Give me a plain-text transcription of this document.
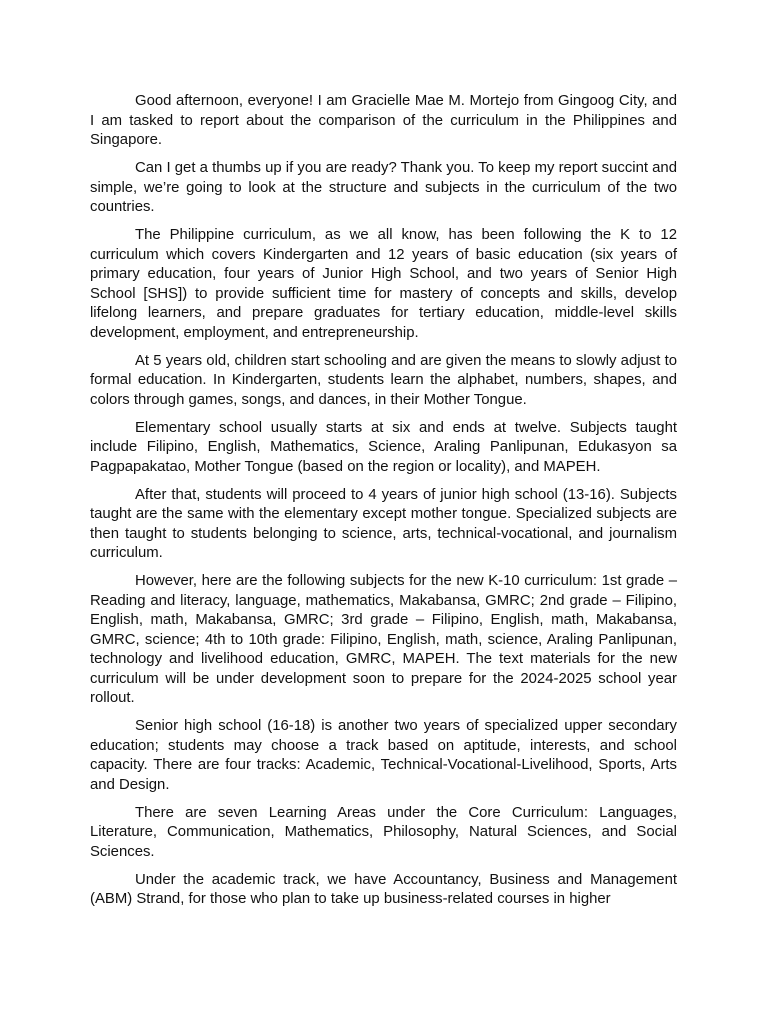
Good afternoon, everyone! I am Gracielle Mae M. Mortejo from Gingoog City, and I am tasked to report about the comparison of the curriculum in the Philippines and Singapore.

Can I get a thumbs up if you are ready? Thank you. To keep my report succint and simple, we’re going to look at the structure and subjects in the curriculum of the two countries.

The Philippine curriculum, as we all know, has been following the K to 12 curriculum which covers Kindergarten and 12 years of basic education (six years of primary education, four years of Junior High School, and two years of Senior High School [SHS]) to provide sufficient time for mastery of concepts and skills, develop lifelong learners, and prepare graduates for tertiary education, middle-level skills development, employment, and entrepreneurship.

At 5 years old, children start schooling and are given the means to slowly adjust to formal education. In Kindergarten, students learn the alphabet, numbers, shapes, and colors through games, songs, and dances, in their Mother Tongue.

Elementary school usually starts at six and ends at twelve. Subjects taught include Filipino, English, Mathematics, Science, Araling Panlipunan, Edukasyon sa Pagpapakatao, Mother Tongue (based on the region or locality), and MAPEH.

After that, students will proceed to 4 years of junior high school (13-16). Subjects taught are the same with the elementary except mother tongue. Specialized subjects are then taught to students belonging to science, arts, technical-vocational, and journalism curriculum.

However, here are the following subjects for the new K-10 curriculum: 1st grade – Reading and literacy, language, mathematics, Makabansa, GMRC; 2nd grade – Filipino, English, math, Makabansa, GMRC; 3rd grade – Filipino, English, math, Makabansa, GMRC, science; 4th to 10th grade: Filipino, English, math, science, Araling Panlipunan, technology and livelihood education, GMRC, MAPEH. The text materials for the new curriculum will be under development soon to prepare for the 2024-2025 school year rollout.

Senior high school (16-18) is another two years of specialized upper secondary education; students may choose a track based on aptitude, interests, and school capacity. There are four tracks: Academic, Technical-Vocational-Livelihood, Sports, Arts and Design.

There are seven Learning Areas under the Core Curriculum: Languages, Literature, Communication, Mathematics, Philosophy, Natural Sciences, and Social Sciences.

Under the academic track, we have Accountancy, Business and Management (ABM) Strand, for those who plan to take up business-related courses in higher
